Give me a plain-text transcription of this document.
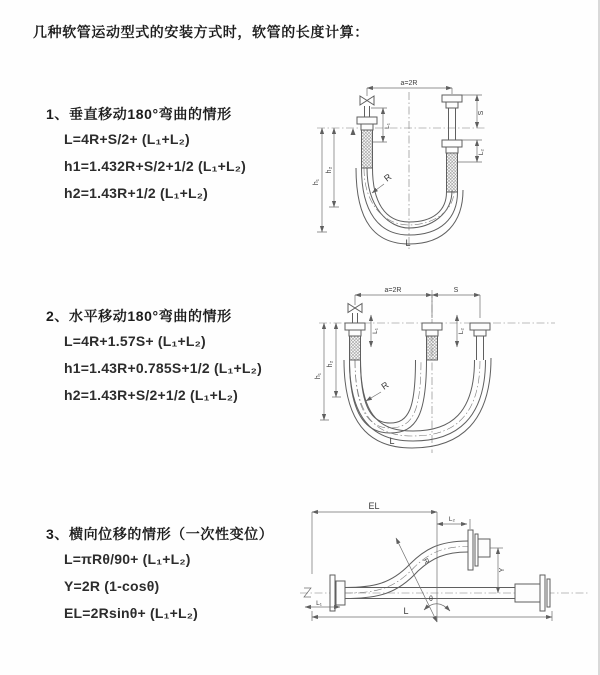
几种软管运动型式的安装方式时，软管的长度计算：
1、垂直移动180°弯曲的情形
L=4R+S/2+ (L₁+L₂)
h1=1.432R+S/2+1/2 (L₁+L₂)
h2=1.43R+1/2 (L₁+L₂)
2、水平移动180°弯曲的情形
L=4R+1.57S+ (L₁+L₂)
h1=1.43R+0.785S+1/2 (L₁+L₂)
h2=1.43R+S/2+1/2 (L₁+L₂)
3、横向位移的情形（一次性变位）
L=πRθ/90+ (L₁+L₂)
Y=2R (1-cosθ)
EL=2Rsinθ+ (L₁+L₂)
a=2R
h₁
h₂
S
L₂
L₁
R
L
a=2R	S
h₁
h₂
L₁	L₂
R
L
EL
L₂
Y
R
θ
L
L₁
